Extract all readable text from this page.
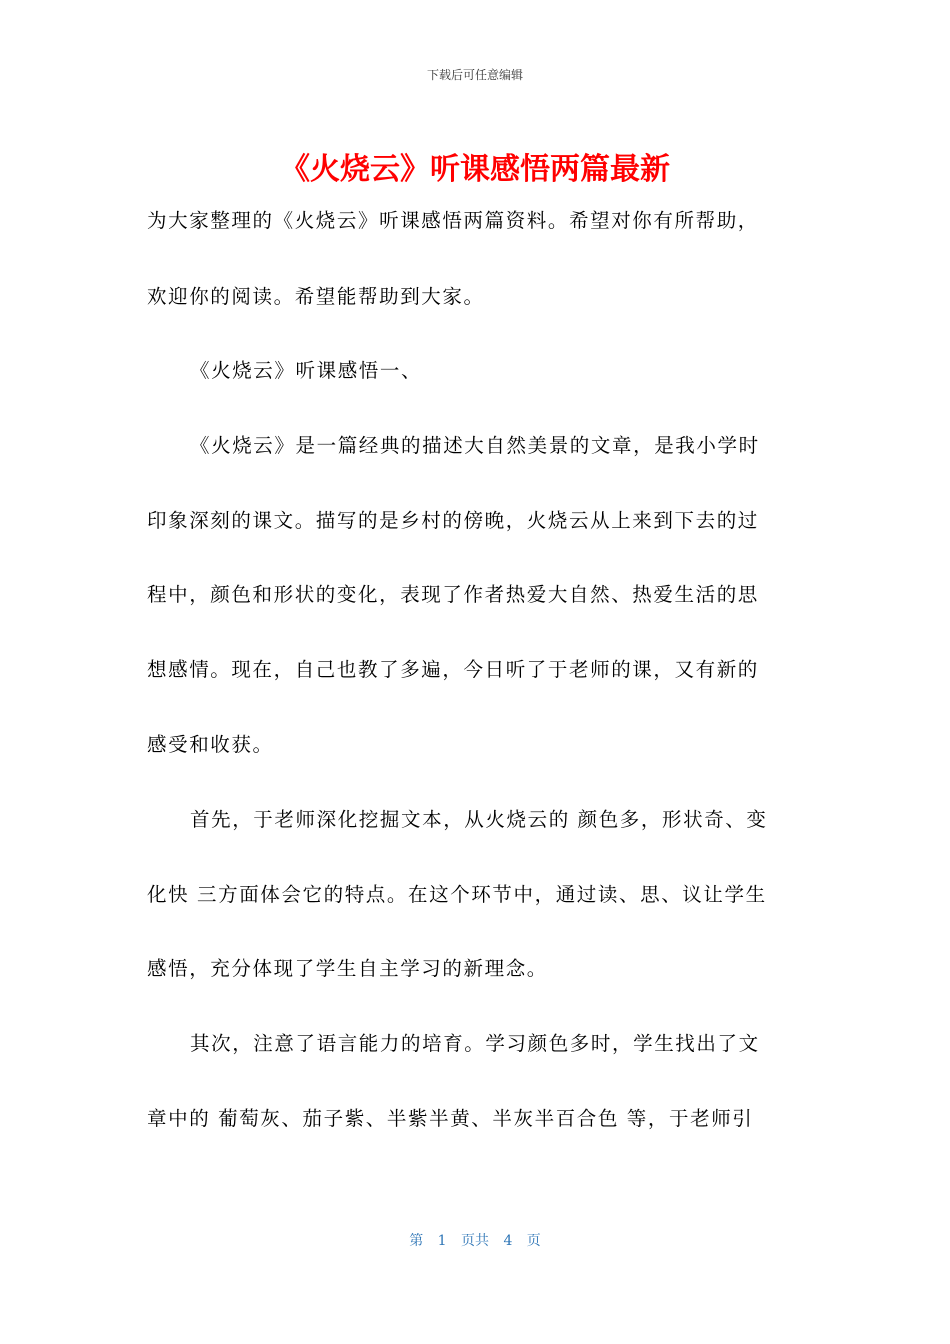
下载后可任意编辑
《火烧云》听课感悟两篇最新
为大家整理的《火烧云》听课感悟两篇资料。希望对你有所帮助，
欢迎你的阅读。希望能帮助到大家。
《火烧云》听课感悟一、
《火烧云》是一篇经典的描述大自然美景的文章，是我小学时
印象深刻的课文。描写的是乡村的傍晚，火烧云从上来到下去的过
程中，颜色和形状的变化，表现了作者热爱大自然、热爱生活的思
想感情。现在，自己也教了多遍，今日听了于老师的课，又有新的
感受和收获。
首先，于老师深化挖掘文本，从火烧云的 颜色多，形状奇、变
化快 三方面体会它的特点。在这个环节中，通过读、思、议让学生
感悟，充分体现了学生自主学习的新理念。
其次，注意了语言能力的培育。学习颜色多时，学生找出了文
章中的 葡萄灰、茄子紫、半紫半黄、半灰半百合色 等，于老师引
第 1 页共 4 页
